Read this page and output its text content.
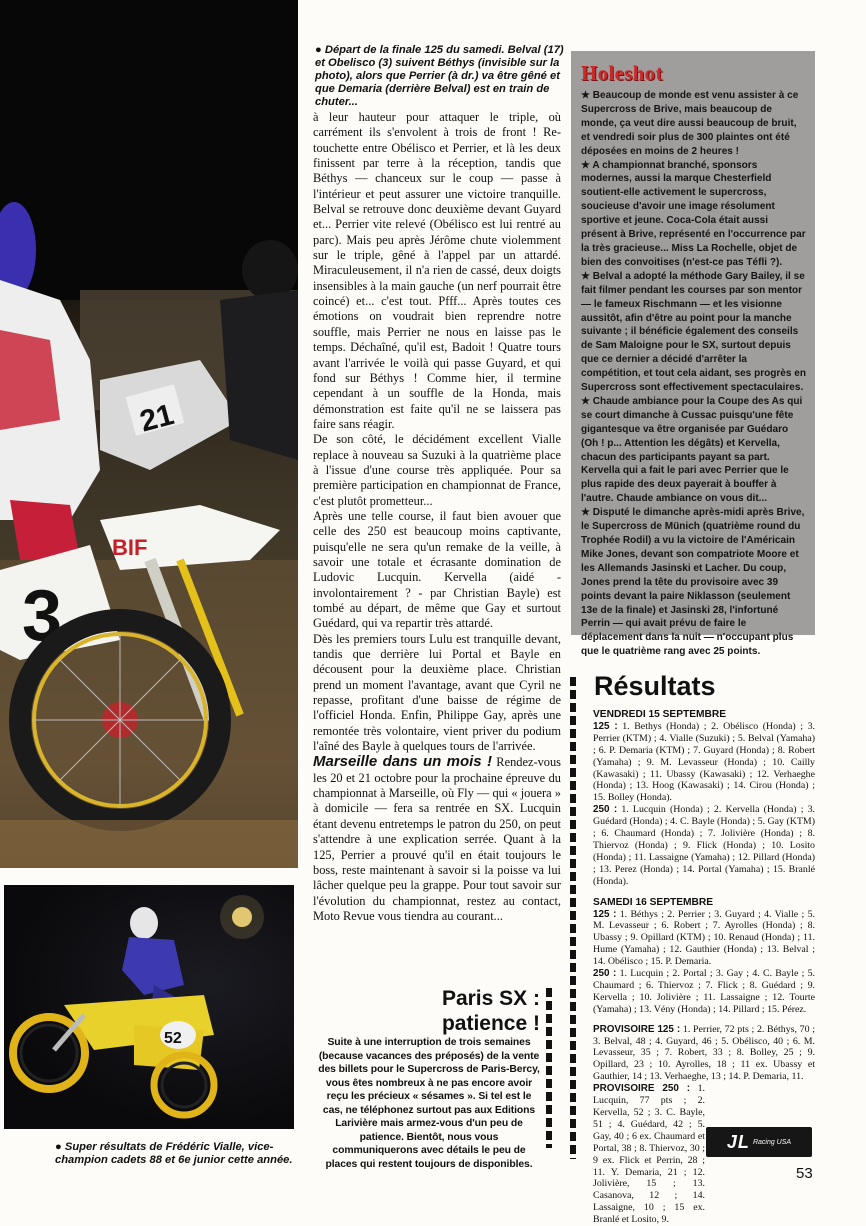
21
3
BIF
52
● Départ de la finale 125 du samedi. Belval (17) et Obelisco (3) suivent Béthys (invisible sur la photo), alors que Perrier (à dr.) va être gêné et que Demaria (derrière Belval) est en train de chuter...
● Super résultats de Frédéric Vialle, vice-champion cadets 88 et 6e junior cette année.

à leur hauteur pour attaquer le triple, où carrément ils s'envolent à trois de front ! Re-touchette entre Obélisco et Perrier, et là les deux finissent par terre à la réception, tandis que Béthys — chanceux sur le coup — passe à l'intérieur et peut assurer une victoire tranquille. Belval se retrouve donc deuxième devant Guyard et... Perrier vite relevé (Obélisco est lui rentré au parc). Mais peu après Jérôme chute violemment sur le triple, gêné à l'appel par un attardé. Miraculeusement, il n'a rien de cassé, deux doigts insensibles à la main gauche (un nerf pourrait être coincé) et... c'est tout. Pfff... Après toutes ces émotions on voudrait bien reprendre notre souffle, mais Perrier ne nous en laisse pas le temps. Déchaîné, qu'il est, Badoit ! Quatre tours avant l'arrivée le voilà qui passe Guyard, et qui fond sur Béthys ! Comme hier, il termine cependant à un souffle de la Honda, mais démonstration est faite qu'il ne se laissera pas faire sans réagir.

De son côté, le décidément excellent Vialle replace à nouveau sa Suzuki à la quatrième place à l'issue d'une course très appliquée. Pour sa première participation en championnat de France, c'est plutôt prometteur...

Après une telle course, il faut bien avouer que celle des 250 est beaucoup moins captivante, puisqu'elle ne sera qu'un remake de la veille, à savoir une totale et écrasante domination de Ludovic Lucquin. Kervella (aidé - involontairement ? - par Christian Bayle) est tombé au départ, de même que Gay et surtout Guédard, qui va repartir très attardé.

Dès les premiers tours Lulu est tranquille devant, tandis que derrière lui Portal et Bayle en décousent pour la deuxième place. Christian prend un moment l'avantage, avant que Cyril ne repasse, profitant d'une baisse de régime de l'officiel Honda. Enfin, Philippe Gay, après une remontée très volontaire, vient priver du podium l'aîné des Bayle à quelques tours de l'arrivée.

Marseille dans un mois ! Rendez-vous les 20 et 21 octobre pour la prochaine épreuve du championnat à Marseille, où Fly — qui « jouera » à domicile — fera sa rentrée en SX. Lucquin étant devenu entretemps le patron du 250, on peut s'attendre à une explication serrée. Quant à la 125, Perrier a prouvé qu'il en était toujours le boss, reste maintenant à savoir si la poisse va lui lâcher quelque peu la grappe. Pour tout savoir sur l'évolution du championnat, restez au contact, Moto Revue vous tiendra au courant...

Paris SX :
patience !
Suite à une interruption de trois semaines (because vacances des préposés) de la vente des billets pour le Supercross de Paris-Bercy, vous êtes nombreux à ne pas encore avoir reçu les précieux « sésames ». Si tel est le cas, ne téléphonez surtout pas aux Editions Larivière mais armez-vous d'un peu de patience. Bientôt, nous vous communiquerons avec détails le peu de places qui restent toujours de disponibles.
Holeshot

★ Beaucoup de monde est venu assister à ce Supercross de Brive, mais beaucoup de monde, ça veut dire aussi beaucoup de bruit, et vendredi soir plus de 300 plaintes ont été déposées en moins de 2 heures !

★ A championnat branché, sponsors modernes, aussi la marque Chesterfield soutient-elle activement le supercross, soucieuse d'avoir une image résolument sportive et jeune. Coca-Cola était aussi présent à Brive, représenté en l'occurrence par la très gracieuse... Miss La Rochelle, objet de bien des convoitises (n'est-ce pas Téfli ?).

★ Belval a adopté la méthode Gary Bailey, il se fait filmer pendant les courses par son mentor — le fameux Rischmann — et les visionne aussitôt, afin d'être au point pour la manche suivante ; il bénéficie également des conseils de Sam Maloigne pour le SX, surtout depuis que ce dernier a décidé d'arrêter la compétition, et tout cela aidant, ses progrès en Supercross sont effectivement spectaculaires.

★ Chaude ambiance pour la Coupe des As qui se court dimanche à Cussac puisqu'une fête gigantesque va être organisée par Guédaro (Oh ! p... Attention les dégâts) et Kervella, chacun des participants payant sa part. Kervella qui a fait le pari avec Perrier que le plus rapide des deux payerait à bouffer à l'autre. Chaude ambiance on vous dit...

★ Disputé le dimanche après-midi après Brive, le Supercross de Münich (quatrième round du Trophée Rodil) a vu la victoire de l'Américain Mike Jones, devant son compatriote Moore et les Allemands Jasinski et Lacher. Du coup, Jones prend la tête du provisoire avec 39 points devant la paire Niklasson (seulement 13e de la finale) et Jasinski 28, l'infortuné Perrin — qui avait prévu de faire le déplacement dans la nuit — n'occupant plus que le quatrième rang avec 25 points.

Résultats
VENDREDI 15 SEPTEMBRE
125 : 1. Bethys (Honda) ; 2. Obélisco (Honda) ; 3. Perrier (KTM) ; 4. Vialle (Suzuki) ; 5. Belval (Yamaha) ; 6. P. Demaria (KTM) ; 7. Guyard (Honda) ; 8. Robert (Yamaha) ; 9. M. Levasseur (Honda) ; 10. Cailly (Kawasaki) ; 11. Ubassy (Kawasaki) ; 12. Verhaeghe (Honda) ; 13. Hoog (Kawasaki) ; 14. Cirou (Honda) ; 15. Bolley (Honda).
250 : 1. Lucquin (Honda) ; 2. Kervella (Honda) ; 3. Guédard (Honda) ; 4. C. Bayle (Honda) ; 5. Gay (KTM) ; 6. Chaumard (Honda) ; 7. Jolivière (Honda) ; 8. Thiervoz (Honda) ; 9. Flick (Honda) ; 10. Losito (Honda) ; 11. Lassaigne (Yamaha) ; 12. Pillard (Honda) ; 13. Perez (Honda) ; 14. Portal (Yamaha) ; 15. Branlé (Honda).
SAMEDI 16 SEPTEMBRE
125 : 1. Béthys ; 2. Perrier ; 3. Guyard ; 4. Vialle ; 5. M. Levasseur ; 6. Robert ; 7. Ayrolles (Honda) ; 8. Ubassy ; 9. Opillard (KTM) ; 10. Renaud (Honda) ; 11. Hume (Yamaha) ; 12. Gauthier (Honda) ; 13. Belval ; 14. Obélisco ; 15. P. Demaria.
250 : 1. Lucquin ; 2. Portal ; 3. Gay ; 4. C. Bayle ; 5. Chaumard ; 6. Thiervoz ; 7. Flick ; 8. Guédard ; 9. Kervella ; 10. Jolivière ; 11. Lassaigne ; 12. Tourte (Yamaha) ; 13. Vény (Honda) ; 14. Pillard ; 15. Pérez.
PROVISOIRE 125 : 1. Perrier, 72 pts ; 2. Béthys, 70 ; 3. Belval, 48 ; 4. Guyard, 46 ; 5. Obélisco, 40 ; 6. M. Levasseur, 35 ; 7. Robert, 33 ; 8. Bolley, 25 ; 9. Opillard, 23 ; 10. Ayrolles, 18 ; 11 ex. Ubassy et Gauthier, 14 ; 13. Verhaeghe, 13 ; 14. P. Demaria, 11.
PROVISOIRE 250 : 1. Lucquin, 77 pts ; 2. Kervella, 52 ; 3. C. Bayle, 51 ; 4. Guédard, 42 ; 5. Gay, 40 ; 6 ex. Chaumard et Portal, 38 ; 8. Thiervoz, 30 ; 9 ex. Flick et Perrin, 28 ; 11. Y. Demaria, 21 ; 12. Jolivière, 15 ; 13. Casanova, 12 ; 14. Lassaigne, 10 ; 15 ex. Branlé et Losito, 9.
JL Racing USA
53
